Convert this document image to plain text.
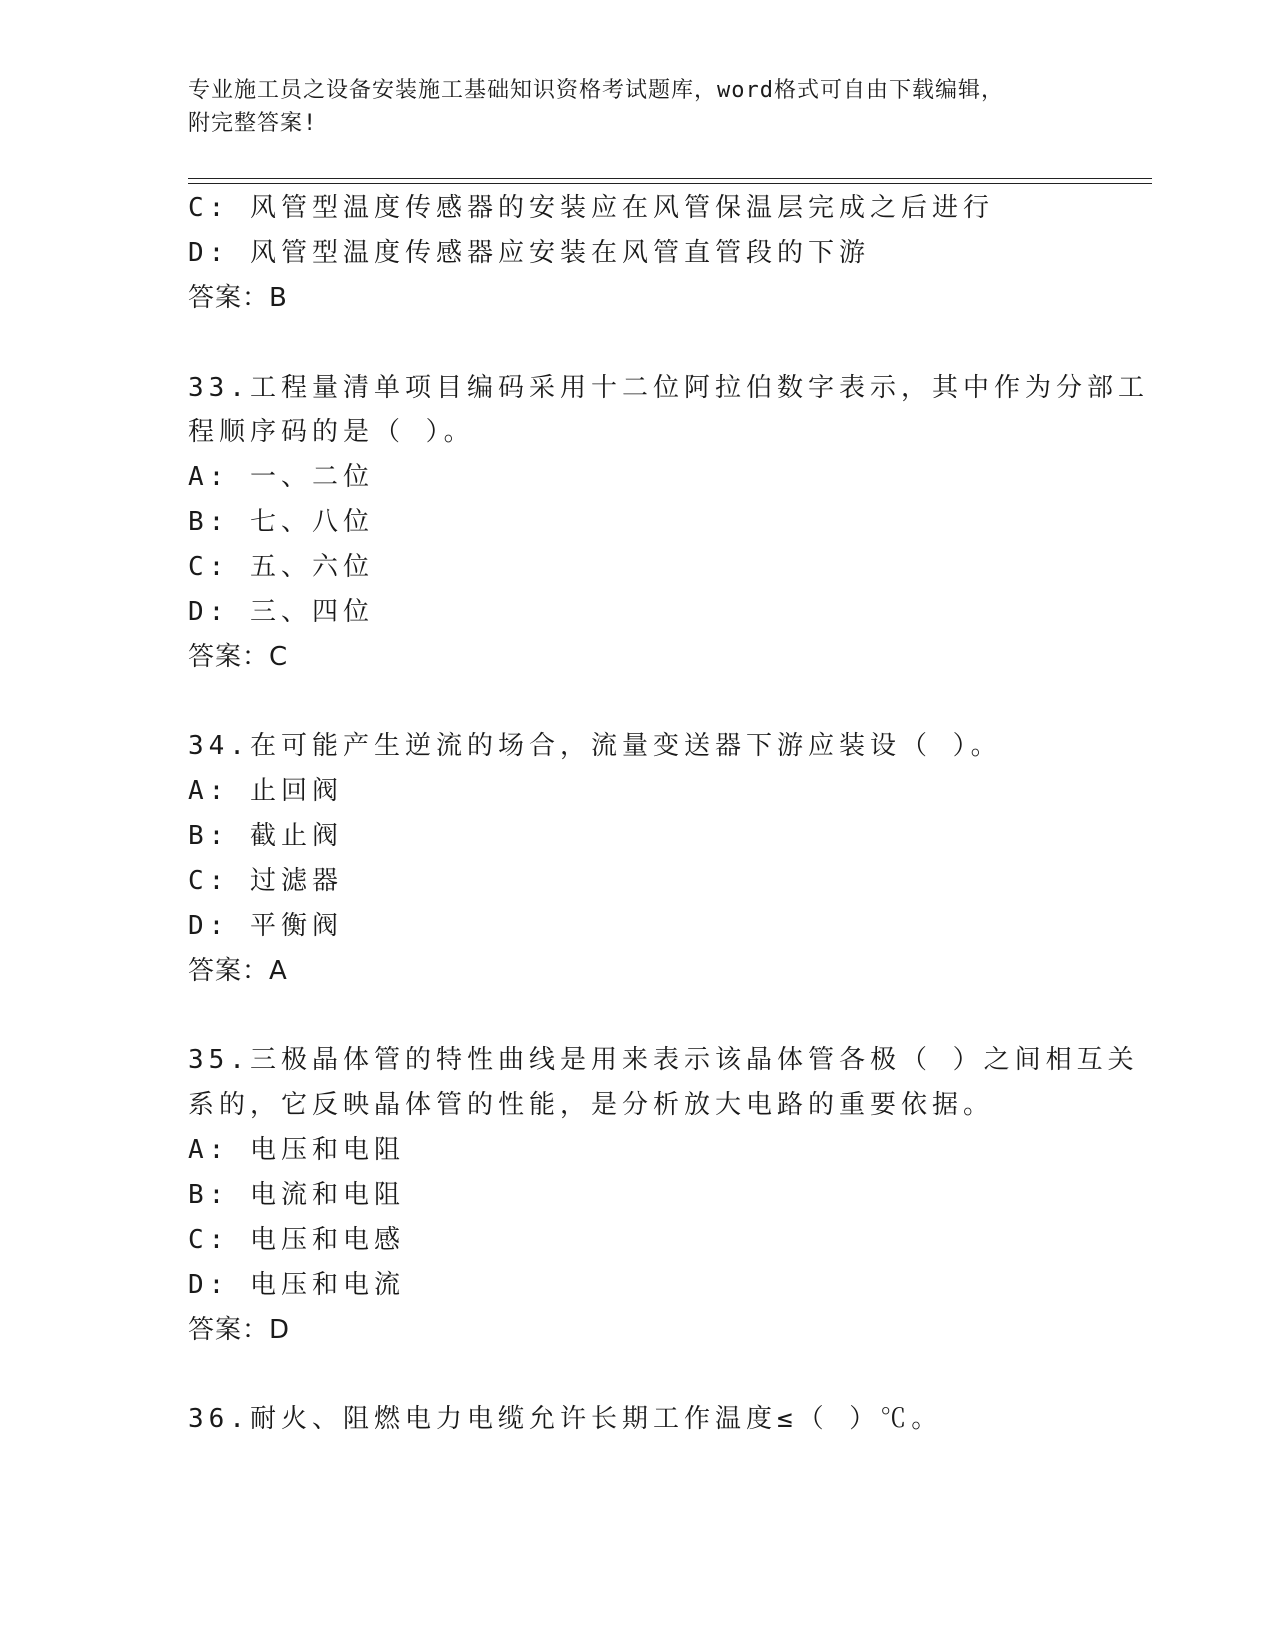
专业施工员之设备安装施工基础知识资格考试题库，word格式可自由下载编辑，
附完整答案!
C: 风管型温度传感器的安装应在风管保温层完成之后进行
D: 风管型温度传感器应安装在风管直管段的下游
答案：B
33.工程量清单项目编码采用十二位阿拉伯数字表示，其中作为分部工
程顺序码的是（ ）。
A: 一、二位
B: 七、八位
C: 五、六位
D: 三、四位
答案：C
34.在可能产生逆流的场合，流量变送器下游应装设（ ）。
A: 止回阀
B: 截止阀
C: 过滤器
D: 平衡阀
答案：A
35.三极晶体管的特性曲线是用来表示该晶体管各极（ ）之间相互关
系的，它反映晶体管的性能，是分析放大电路的重要依据。
A: 电压和电阻
B: 电流和电阻
C: 电压和电感
D: 电压和电流
答案：D
36.耐火、阻燃电力电缆允许长期工作温度≤（ ）℃。
